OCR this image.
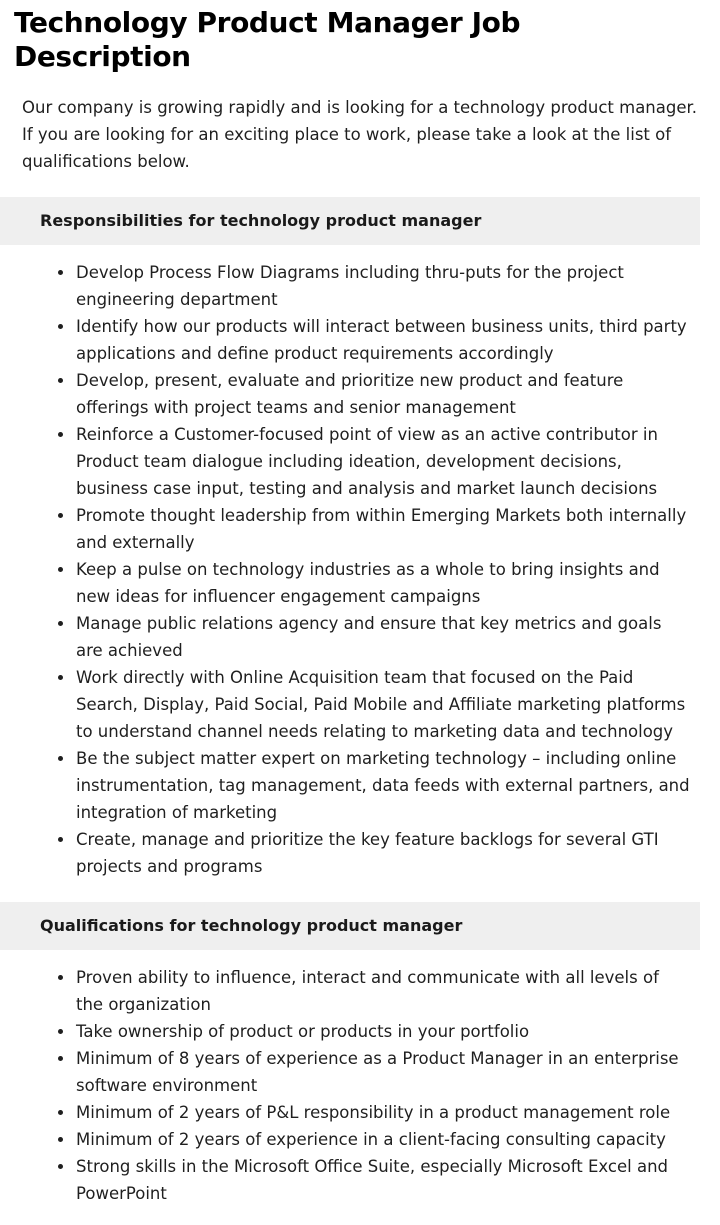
Technology Product Manager Job Description

Our company is growing rapidly and is looking for a technology product manager. If you are looking for an exciting place to work, please take a look at the list of qualifications below.

Responsibilities for technology product manager
Develop Process Flow Diagrams including thru-puts for the project engineering department
Identify how our products will interact between business units, third party applications and define product requirements accordingly
Develop, present, evaluate and prioritize new product and feature offerings with project teams and senior management
Reinforce a Customer-focused point of view as an active contributor in Product team dialogue including ideation, development decisions, business case input, testing and analysis and market launch decisions
Promote thought leadership from within Emerging Markets both internally and externally
Keep a pulse on technology industries as a whole to bring insights and new ideas for influencer engagement campaigns
Manage public relations agency and ensure that key metrics and goals are achieved
Work directly with Online Acquisition team that focused on the Paid Search, Display, Paid Social, Paid Mobile and Affiliate marketing platforms to understand channel needs relating to marketing data and technology
Be the subject matter expert on marketing technology – including online instrumentation, tag management, data feeds with external partners, and integration of marketing
Create, manage and prioritize the key feature backlogs for several GTI projects and programs
Qualifications for technology product manager
Proven ability to influence, interact and communicate with all levels of the organization
Take ownership of product or products in your portfolio
Minimum of 8 years of experience as a Product Manager in an enterprise software environment
Minimum of 2 years of P&L responsibility in a product management role
Minimum of 2 years of experience in a client-facing consulting capacity
Strong skills in the Microsoft Office Suite, especially Microsoft Excel and PowerPoint
